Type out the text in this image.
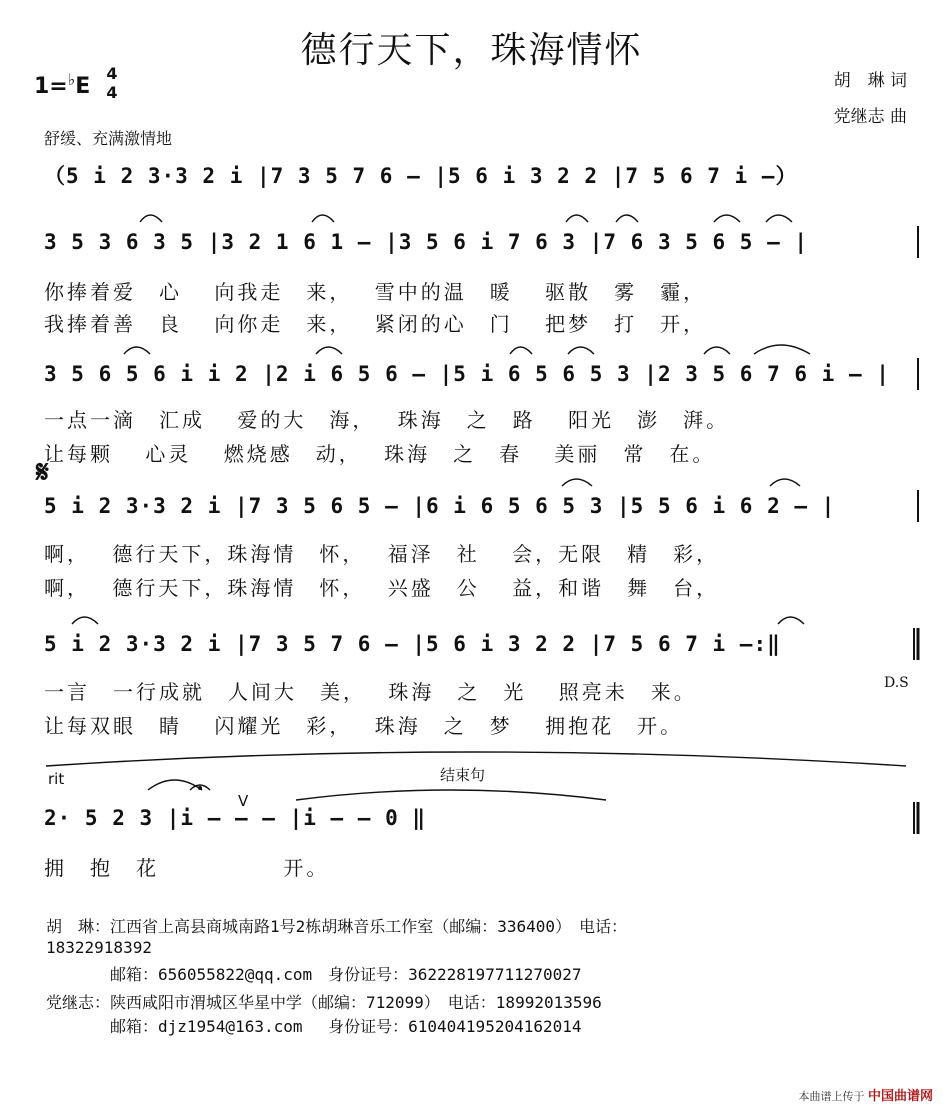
德行天下，珠海情怀
胡　琳 词
党继志 曲
1=♭E
4
4
舒缓、充满激情地
（5 i 2 3·3 2 i |7 3 5 7 6 – |5 6 i 3 2 2 |7 5 6 7 i –）
3 5 3 6 3 5 |3 2 1 6 1 – |3 5 6 i 7 6 3 |7 6 3 5 6 5 – |
你捧着爱　心　 向我走　来，　 雪中的温　暖　 驱散　雾　霾，
我捧着善　良　 向你走　来，　 紧闭的心　门　 把梦　打　开，
3 5 6 5 6 i i 2 |2 i 6 5 6 – |5 i 6 5 6 5 3 |2 3 5 6 7 6 i – |
一点一滴　汇成　 爱的大　海，　 珠海　之　路　 阳光　澎　湃。
让每颗　 心灵　 燃烧感　动，　 珠海　之　春　 美丽　常　在。
𝄋
5 i 2 3·3 2 i |7 3 5 6 5 – |6 i 6 5 6 5 3 |5 5 6 i 6 2 – |
啊，　 德行天下，珠海情　怀，　 福泽　社　 会，无限　精　彩，
啊，　 德行天下，珠海情　怀，　 兴盛　公　 益，和谐　舞　台，
5 i 2 3·3 2 i |7 3 5 7 6 – |5 6 i 3 2 2 |7 5 6 7 i –:‖
D.S
一言　一行成就　人间大　美，　 珠海　之　光　 照亮未　来。
让每双眼　睛　 闪耀光　彩，　 珠海　之　梦　 拥抱花　开。
rit	结束句
V
2· 5 2 3 |i – – – |i – – 0 ‖
拥　抱　花　　　　　 开。
胡　琳：江西省上高县商城南路1号2栋胡琳音乐工作室（邮编：336400）　电话：
18322918392
　　　　邮箱：656055822@qq.com　身份证号：362228197711270027
党继志：陕西咸阳市渭城区华星中学（邮编：712099）　电话：18992013596
　　　　邮箱：djz1954@163.com　 身份证号：610404195204162014
本曲谱上传于 中国曲谱网
